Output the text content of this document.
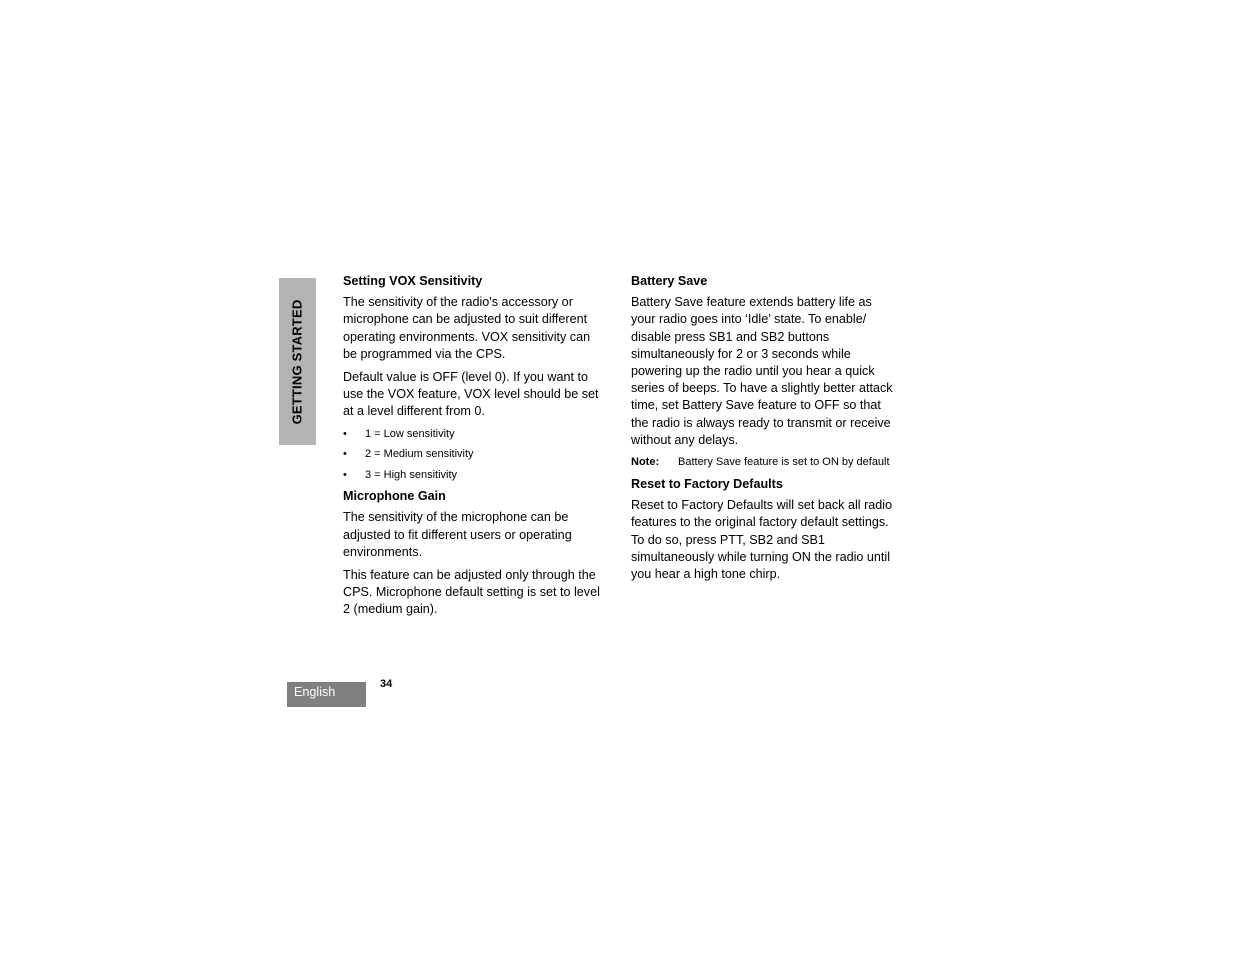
GETTING STARTED
Setting VOX Sensitivity

The sensitivity of the radio's accessory or microphone can be adjusted to suit different operating environments. VOX sensitivity can be programmed via the CPS.

Default value is OFF (level 0). If you want to use the VOX feature, VOX level should be set at a level different from 0.

• 1 = Low sensitivity
• 2 = Medium sensitivity
• 3 = High sensitivity
Microphone Gain

The sensitivity of the microphone can be adjusted to fit different users or operating environments.

This feature can be adjusted only through the CPS. Microphone default setting is set to level 2 (medium gain).

Battery Save

Battery Save feature extends battery life as your radio goes into ‘Idle’ state. To enable/ disable press SB1 and SB2 buttons simultaneously for 2 or 3 seconds while powering up the radio until you hear a quick series of beeps. To have a slightly better attack time, set Battery Save feature to OFF so that the radio is always ready to transmit or receive without any delays.

Note:	Battery Save feature is set to ON by default
Reset to Factory Defaults

Reset to Factory Defaults will set back all radio features to the original factory default settings. To do so, press PTT, SB2 and SB1 simultaneously while turning ON the radio until you hear a high tone chirp.

English
34
